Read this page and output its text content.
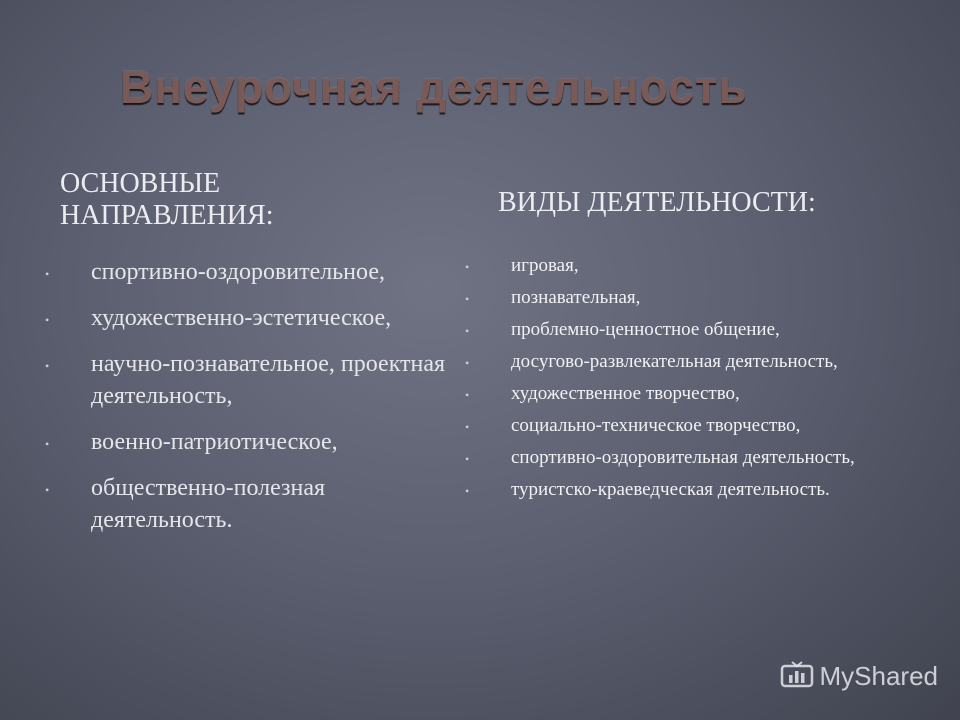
Внеурочная деятельность

ОСНОВНЫЕ НАПРАВЛЕНИЯ:

• спортивно-оздоровительное,
• художественно-эстетическое,
• научно-познавательное, проектная деятельность,
• военно-патриотическое,
• общественно-полезная деятельность.

ВИДЫ ДЕЯТЕЛЬНОСТИ:

• игровая,
• познавательная,
• проблемно-ценностное общение,
• досугово-развлекательная деятельность,
• художественное творчество,
• социально-техническое творчество,
• спортивно-оздоровительная деятельность,
• туристско-краеведческая деятельность.
MyShared
